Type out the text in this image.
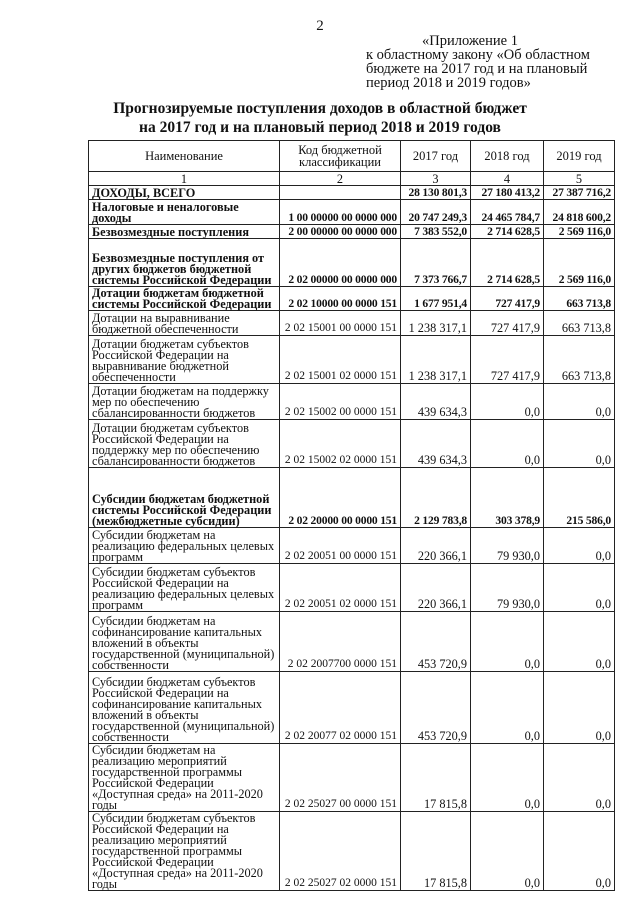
2
«Приложение 1
к областному закону «Об областном
бюджете на 2017 год и на плановый
период 2018 и 2019 годов»
Прогнозируемые поступления доходов в областной бюджет
на 2017 год и на плановый период 2018 и 2019 годов
Наименование	Код бюджетной классификации	2017 год	2018 год	2019 год
1	2	3	4	5
ДОХОДЫ, ВСЕГО		28 130 801,3	27 180 413,2	27 387 716,2
Налоговые и неналоговые доходы	1 00 00000 00 0000 000	20 747 249,3	24 465 784,7	24 818 600,2
Безвозмездные поступления	2 00 00000 00 0000 000	7 383 552,0	2 714 628,5	2 569 116,0
Безвозмездные поступления от других бюджетов бюджетной системы Российской Федерации	2 02 00000 00 0000 000	7 373 766,7	2 714 628,5	2 569 116,0
Дотации бюджетам бюджетной системы Российской Федерации	2 02 10000 00 0000 151	1 677 951,4	727 417,9	663 713,8
Дотации на выравнивание бюджетной обеспеченности	2 02 15001 00 0000 151	1 238 317,1	727 417,9	663 713,8
Дотации бюджетам субъектов Российской Федерации на выравнивание бюджетной обеспеченности	2 02 15001 02 0000 151	1 238 317,1	727 417,9	663 713,8
Дотации бюджетам на поддержку мер по обеспечению сбалансированности бюджетов	2 02 15002 00 0000 151	439 634,3	0,0	0,0
Дотации бюджетам субъектов Российской Федерации на поддержку мер по обеспечению сбалансированности бюджетов	2 02 15002 02 0000 151	439 634,3	0,0	0,0
Субсидии бюджетам бюджетной системы Российской Федерации (межбюджетные субсидии)	2 02 20000 00 0000 151	2 129 783,8	303 378,9	215 586,0
Субсидии бюджетам на реализацию федеральных целевых программ	2 02 20051 00 0000 151	220 366,1	79 930,0	0,0
Субсидии бюджетам субъектов Российской Федерации на реализацию федеральных целевых программ	2 02 20051 02 0000 151	220 366,1	79 930,0	0,0
Субсидии бюджетам на софинансирование капитальных вложений в объекты государственной (муниципальной) собственности	2 02 2007700 0000 151	453 720,9	0,0	0,0
Субсидии бюджетам субъектов Российской Федерации на софинансирование капитальных вложений в объекты государственной (муниципальной) собственности	2 02 20077 02 0000 151	453 720,9	0,0	0,0
Субсидии бюджетам на реализацию мероприятий государственной программы Российской Федерации «Доступная среда» на 2011-2020 годы	2 02 25027 00 0000 151	17 815,8	0,0	0,0
Субсидии бюджетам субъектов Российской Федерации на реализацию мероприятий государственной программы Российской Федерации «Доступная среда» на 2011-2020 годы	2 02 25027 02 0000 151	17 815,8	0,0	0,0
